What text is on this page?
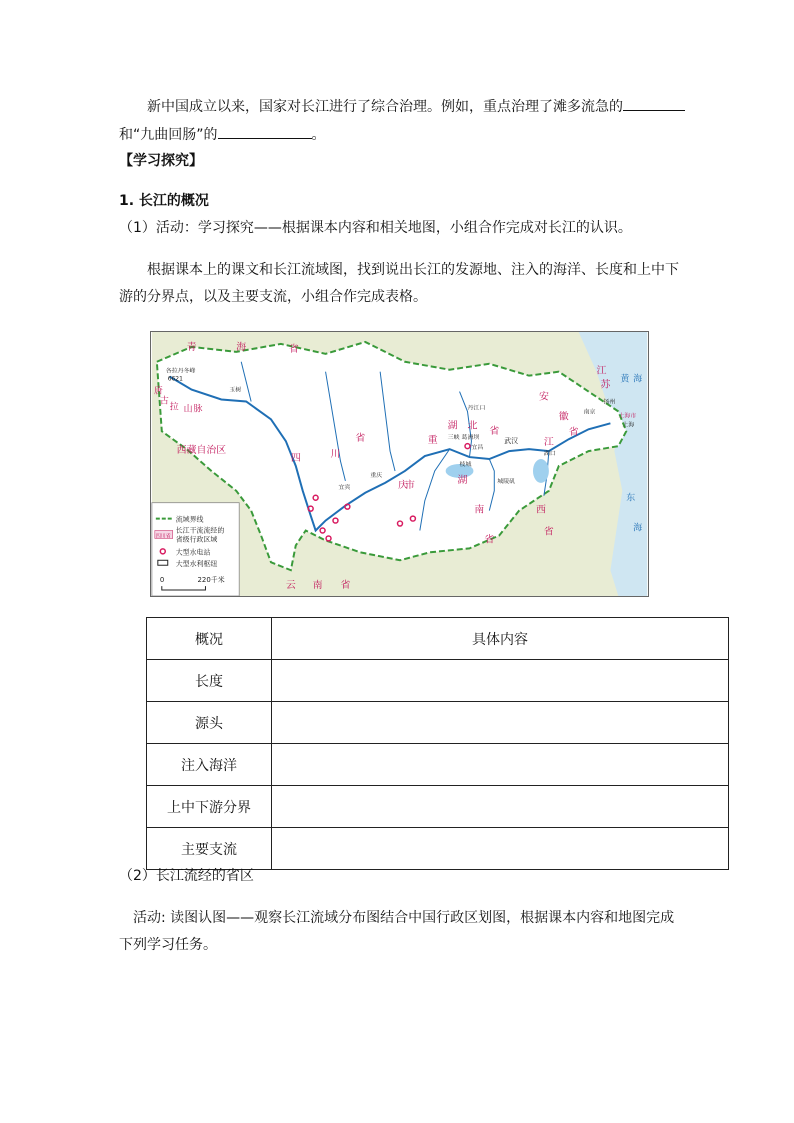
新中国成立以来，国家对长江进行了综合治理。例如，重点治理了滩多流急的
和“九曲回肠”的	。
【学习探究】
1. 长江的概况
（1）活动：学习探究——根据课本内容和相关地图，小组合作完成对长江的认识。
根据课本上的课文和长江流域图，找到说出长江的发源地、注入的海洋、长度和上中下
游的分界点，以及主要支流，小组合作完成表格。
青	海	省
西藏自治区
四	川
省	重
庆
市
湖 北
省
湖
南
省
江
西
省
安
徽
省
江
苏
云 南 省
各拉丹冬峰
6621
唐
古
拉 山 脉
玉树
宜宾
重庆
三峡 葛洲坝
宜昌
枝城
武汉
城陵矶
湖口
丹江口
南京
扬州
上海
上海市
黄 海
东
海
流域界线
四川省
长江干流流经的
省级行政区域
大型水电站
大型水利枢纽
0	220千米
概况	具体内容
长度	
源头	
注入海洋	
上中下游分界	
主要支流	
（2）长江流经的省区
活动: 读图认图——观察长江流域分布图结合中国行政区划图，根据课本内容和地图完成
下列学习任务。
